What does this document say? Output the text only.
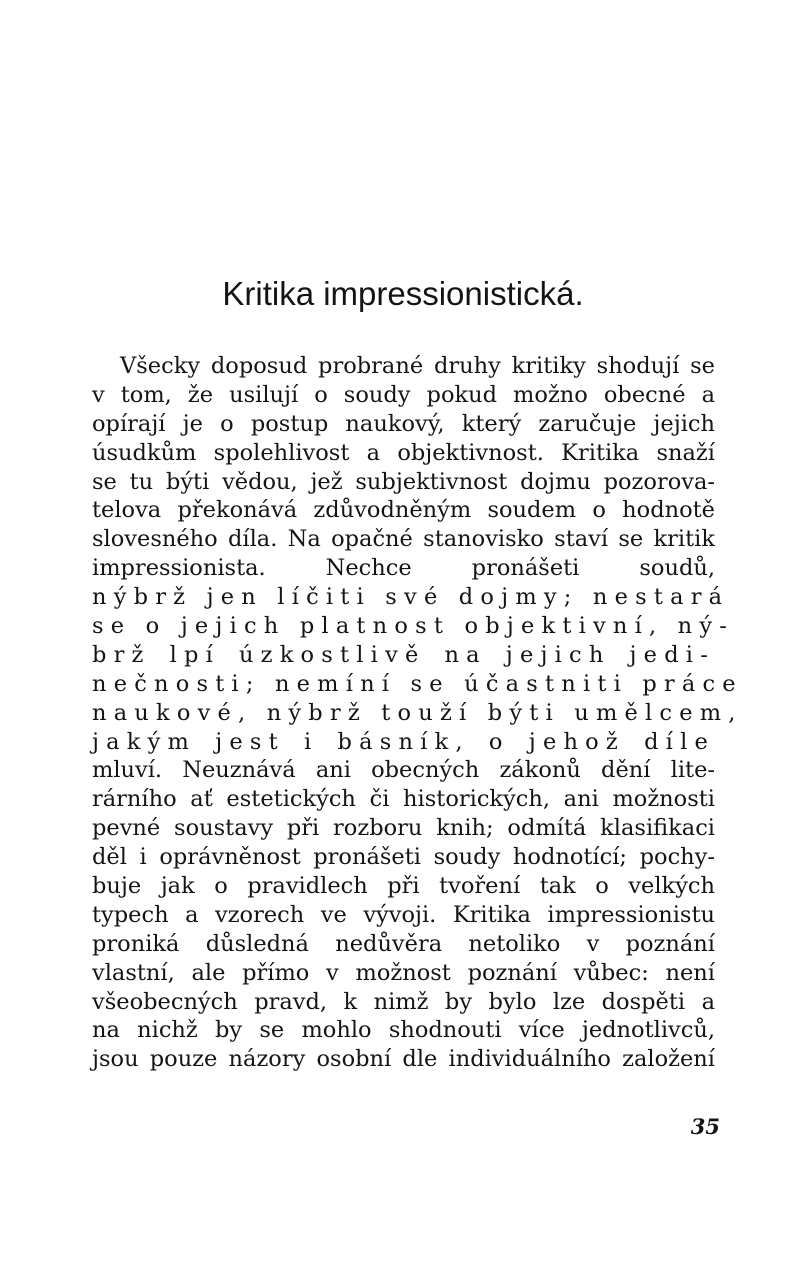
Kritika impressionistická.
Všecky doposud probrané druhy kritiky shodují se
v tom, že usilují o soudy pokud možno obecné a
opírají je o postup naukový, který zaručuje jejich
úsudkům spolehlivost a objektivnost. Kritika snaží
se tu býti vědou, jež subjektivnost dojmu pozorova-
telova překonává zdůvodněným soudem o hodnotě
slovesného díla. Na opačné stanovisko staví se kritik
impressionista. Nechce pronášeti soudů,
nýbrž jen líčiti své dojmy; nestará
se o jejich platnost objektivní, ný-
brž lpí úzkostlivě na jejich jedi-
nečnosti; nemíní se účastniti práce
naukové, nýbrž touží býti umělcem,
jakým jest i básník, o jehož díle
mluví. Neuznává ani obecných zákonů dění lite-
rárního ať estetických či historických, ani možnosti
pevné soustavy při rozboru knih; odmítá klasifikaci
děl i oprávněnost pronášeti soudy hodnotící; pochy-
buje jak o pravidlech při tvoření tak o velkých
typech a vzorech ve vývoji. Kritika impressionistu
proniká důsledná nedůvěra netoliko v poznání
vlastní, ale přímo v možnost poznání vůbec: není
všeobecných pravd, k nimž by bylo lze dospěti a
na nichž by se mohlo shodnouti více jednotlivců,
jsou pouze názory osobní dle individuálního založení
35
